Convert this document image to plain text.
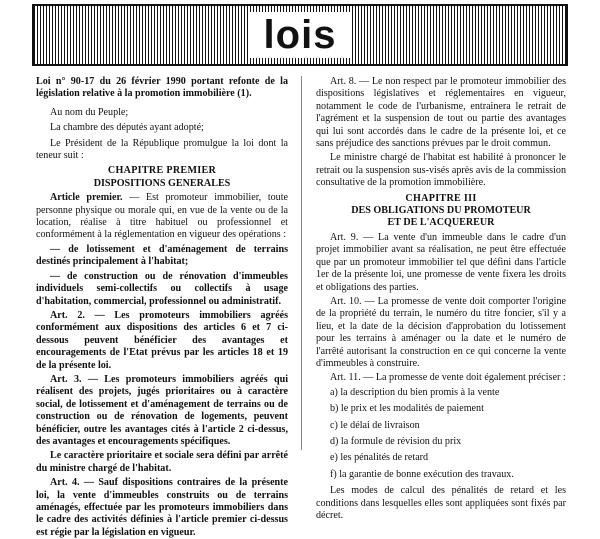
lois

Loi n° 90-17 du 26 février 1990 portant refonte de la législation relative à la promotion immobilière (1).

Au nom du Peuple;

La chambre des députés ayant adopté;

Le Président de la République promulgue la loi dont la teneur suit :

CHAPITRE PREMIER

DISPOSITIONS GENERALES

Article premier. — Est promoteur immobilier, toute personne physique ou morale qui, en vue de la vente ou de la location, réalise à titre habituel ou professionnel et conformément à la réglementation en vigueur des opérations :

— de lotissement et d'aménagement de terrains destinés principalement à l'habitat;

— de construction ou de rénovation d'immeubles individuels semi-collectifs ou collectifs à usage d'habitation, commercial, professionnel ou administratif.

Art. 2. — Les promoteurs immobiliers agréés conformément aux dispositions des articles 6 et 7 ci-dessous peuvent bénéficier des avantages et encouragements de l'Etat prévus par les articles 18 et 19 de la présente loi.

Art. 3. — Les promoteurs immobiliers agréés qui réalisent des projets, jugés prioritaires ou à caractère social, de lotissement et d'aménagement de terrains ou de construction ou de rénovation de logements, peuvent bénéficier, outre les avantages cités à l'article 2 ci-dessus, des avantages et encouragements spécifiques.

Le caractère prioritaire et sociale sera défini par arrêté du ministre chargé de l'habitat.

Art. 4. — Sauf dispositions contraires de la présente loi, la vente d'immeubles construits ou de terrains aménagés, effectuée par les promoteurs immobiliers dans le cadre des activités définies à l'article premier ci-dessus est régie par la législation en vigueur.

Art. 8. — Le non respect par le promoteur immobilier des dispositions législatives et réglementaires en vigueur, notamment le code de l'urbanisme, entrainera le retrait de l'agrément et la suspension de tout ou partie des avantages qui lui sont accordés dans le cadre de la présente loi, et ce sans préjudice des sanctions prévues par le droit commun.

Le ministre chargé de l'habitat est habilité à prononcer le retrait ou la suspension sus-visés après avis de la commission consultative de la promotion immobilière.

CHAPITRE III

DES OBLIGATIONS DU PROMOTEUR

ET DE L'ACQUEREUR

Art. 9. — La vente d'un immeuble dans le cadre d'un projet immobilier avant sa réalisation, ne peut être effectuée que par un promoteur immobilier tel que défini dans l'article 1er de la présente loi, une promesse de vente fixera les droits et obligations des parties.

Art. 10. — La promesse de vente doit comporter l'origine de la propriété du terrain, le numéro du titre foncier, s'il y a lieu, et la date de la décision d'approbation du lotissement pour les terrains à aménager ou la date et le numéro de l'arrêté autorisant la construction en ce qui concerne la vente d'immeubles à construire.

Art. 11. — La promesse de vente doit également préciser :

a) la description du bien promis à la vente

b) le prix et les modalités de paiement

c) le délai de livraison

d) la formule de révision du prix

e) les pénalités de retard

f) la garantie de bonne exécution des travaux.

Les modes de calcul des pénalités de retard et les conditions dans lesquelles elles sont appliquées sont fixés par décret.
